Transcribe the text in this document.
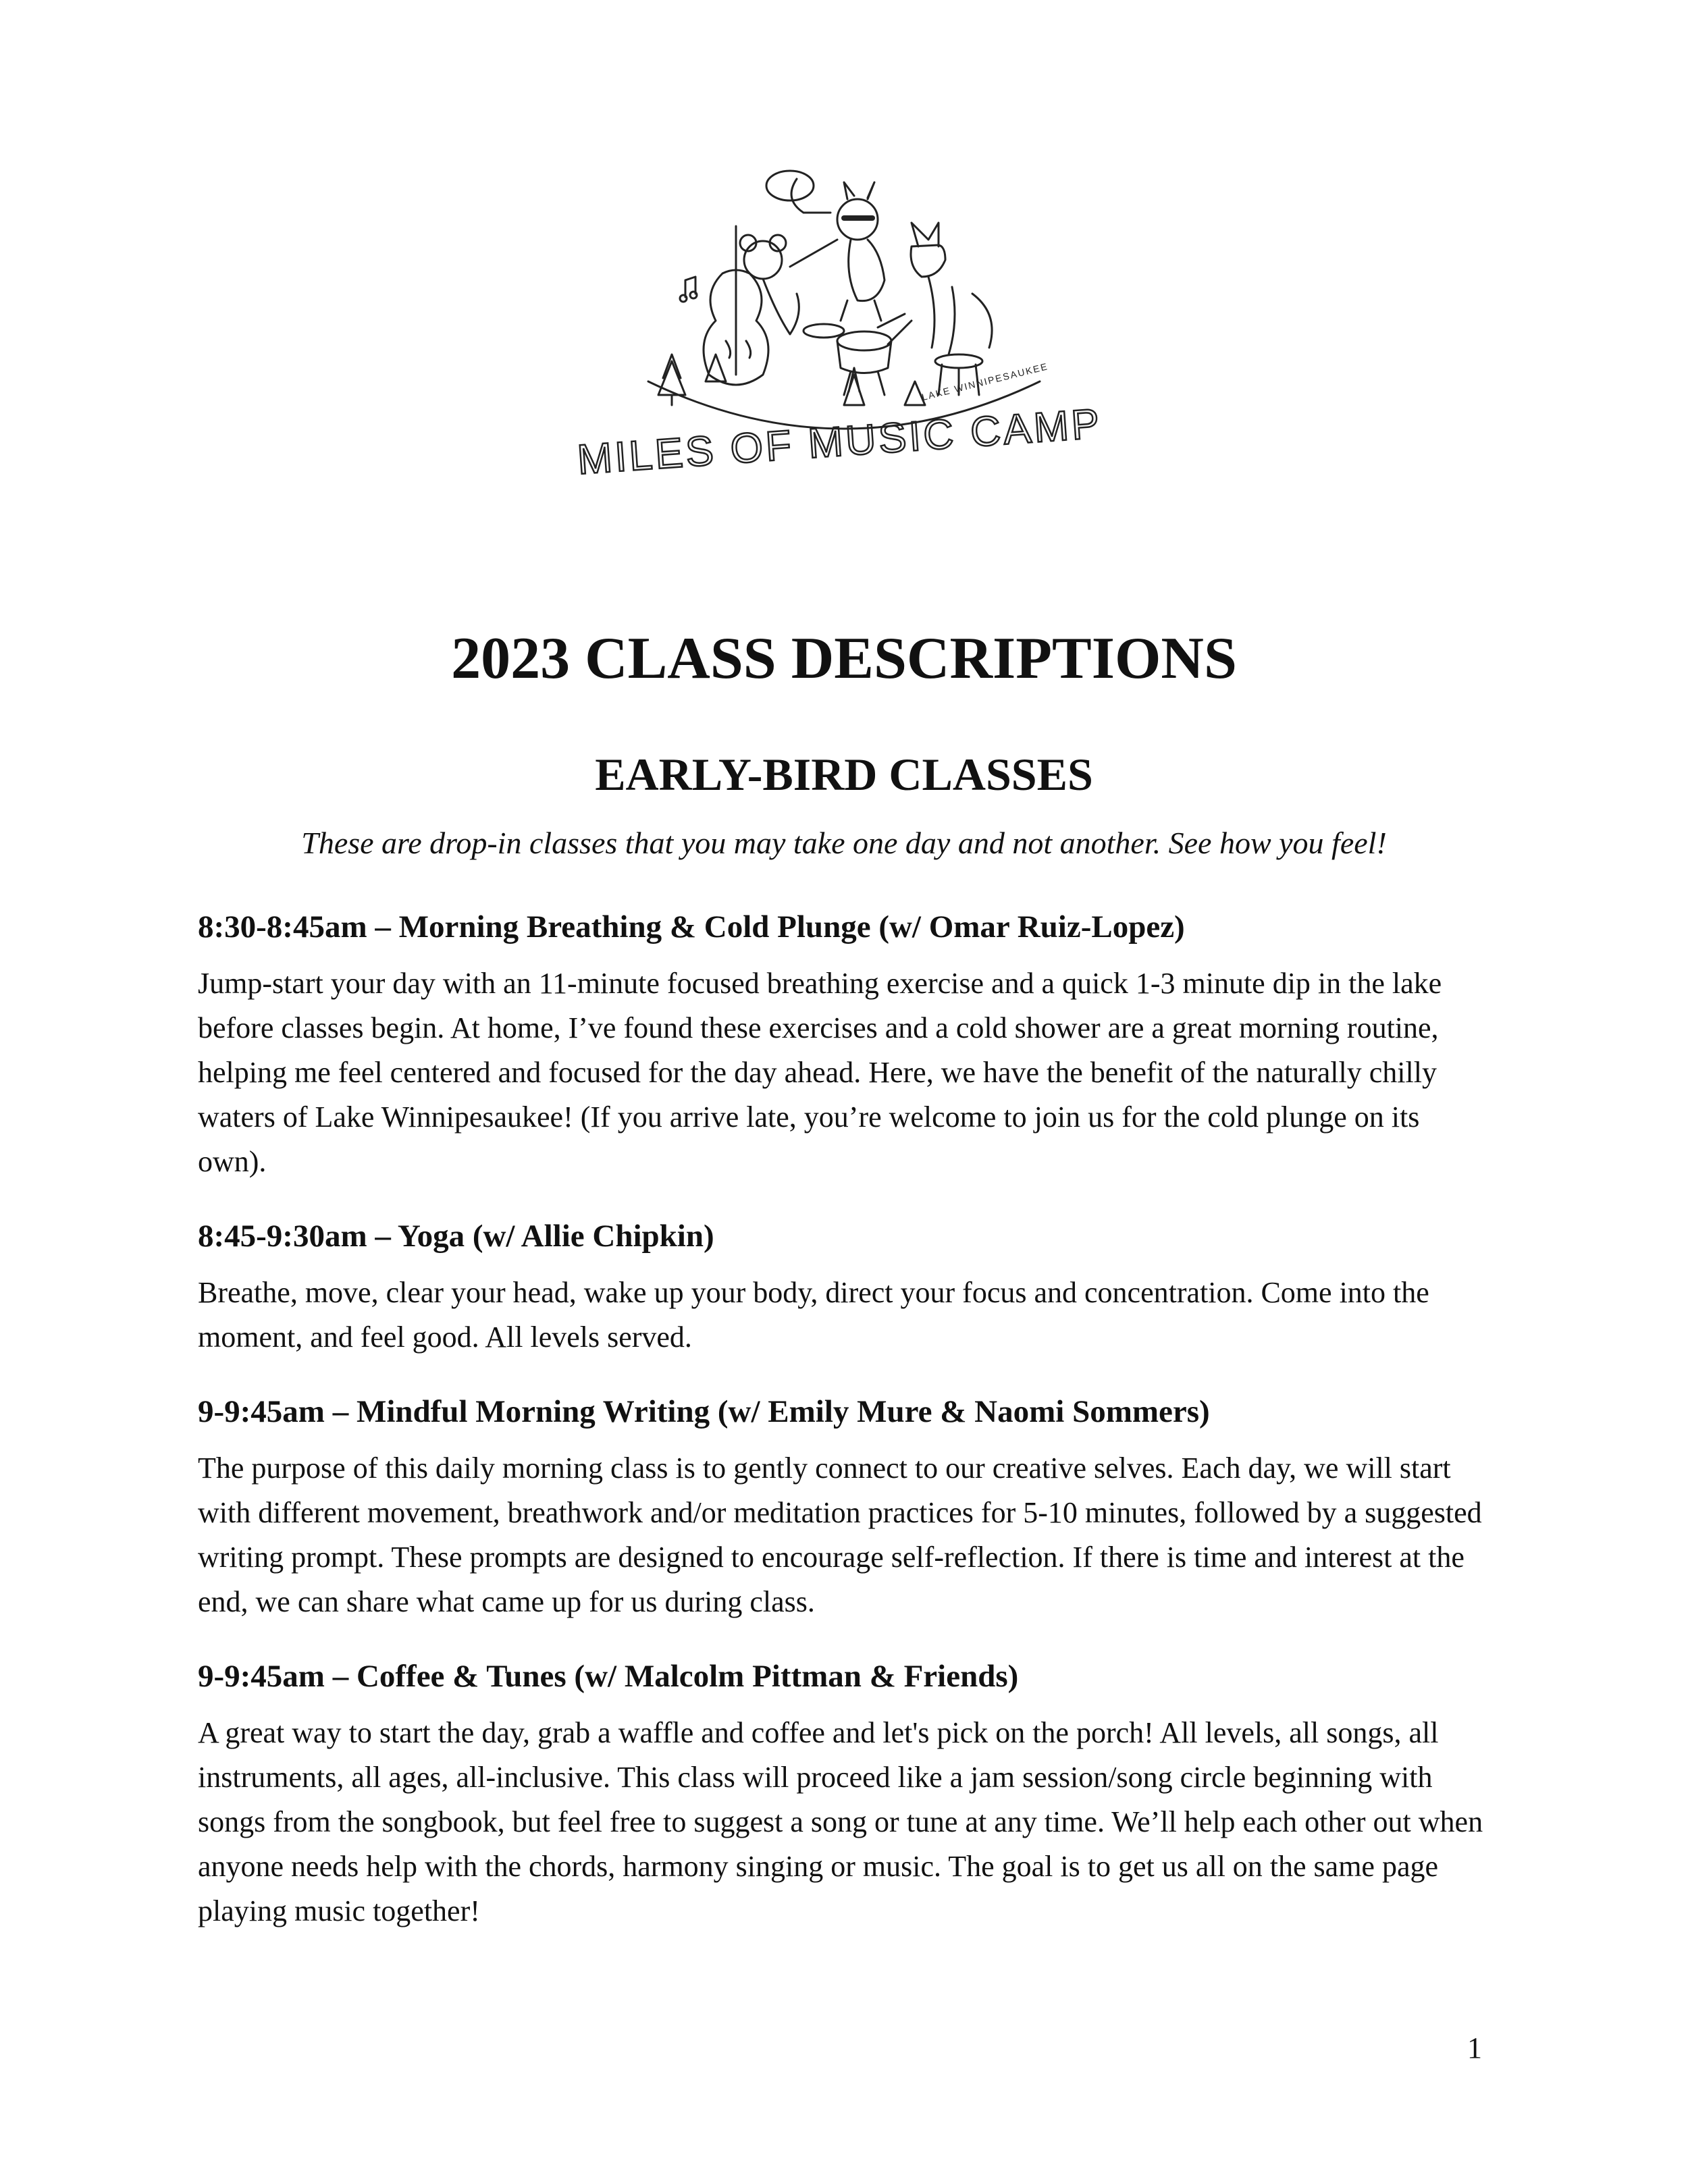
MILES OF MUSIC CAMP
LAKE WINNIPESAUKEE
2023 CLASS DESCRIPTIONS
EARLY-BIRD CLASSES

These are drop-in classes that you may take one day and not another. See how you feel!

8:30-8:45am – Morning Breathing & Cold Plunge (w/ Omar Ruiz-Lopez)

Jump-start your day with an 11-minute focused breathing exercise and a quick 1-3 minute dip in the lake before classes begin. At home, I’ve found these exercises and a cold shower are a great morning routine, helping me feel centered and focused for the day ahead. Here, we have the benefit of the naturally chilly waters of Lake Winnipesaukee! (If you arrive late, you’re welcome to join us for the cold plunge on its own).

8:45-9:30am – Yoga (w/ Allie Chipkin)

Breathe, move, clear your head, wake up your body, direct your focus and concentration. Come into the moment, and feel good. All levels served.

9-9:45am – Mindful Morning Writing (w/ Emily Mure & Naomi Sommers)

The purpose of this daily morning class is to gently connect to our creative selves. Each day, we will start with different movement, breathwork and/or meditation practices for 5-10 minutes, followed by a suggested writing prompt. These prompts are designed to encourage self-reflection. If there is time and interest at the end, we can share what came up for us during class.

9-9:45am – Coffee & Tunes (w/ Malcolm Pittman & Friends)

A great way to start the day, grab a waffle and coffee and let's pick on the porch! All levels, all songs, all instruments, all ages, all-inclusive. This class will proceed like a jam session/song circle beginning with songs from the songbook, but feel free to suggest a song or tune at any time. We’ll help each other out when anyone needs help with the chords, harmony singing or music. The goal is to get us all on the same page playing music together!

1
